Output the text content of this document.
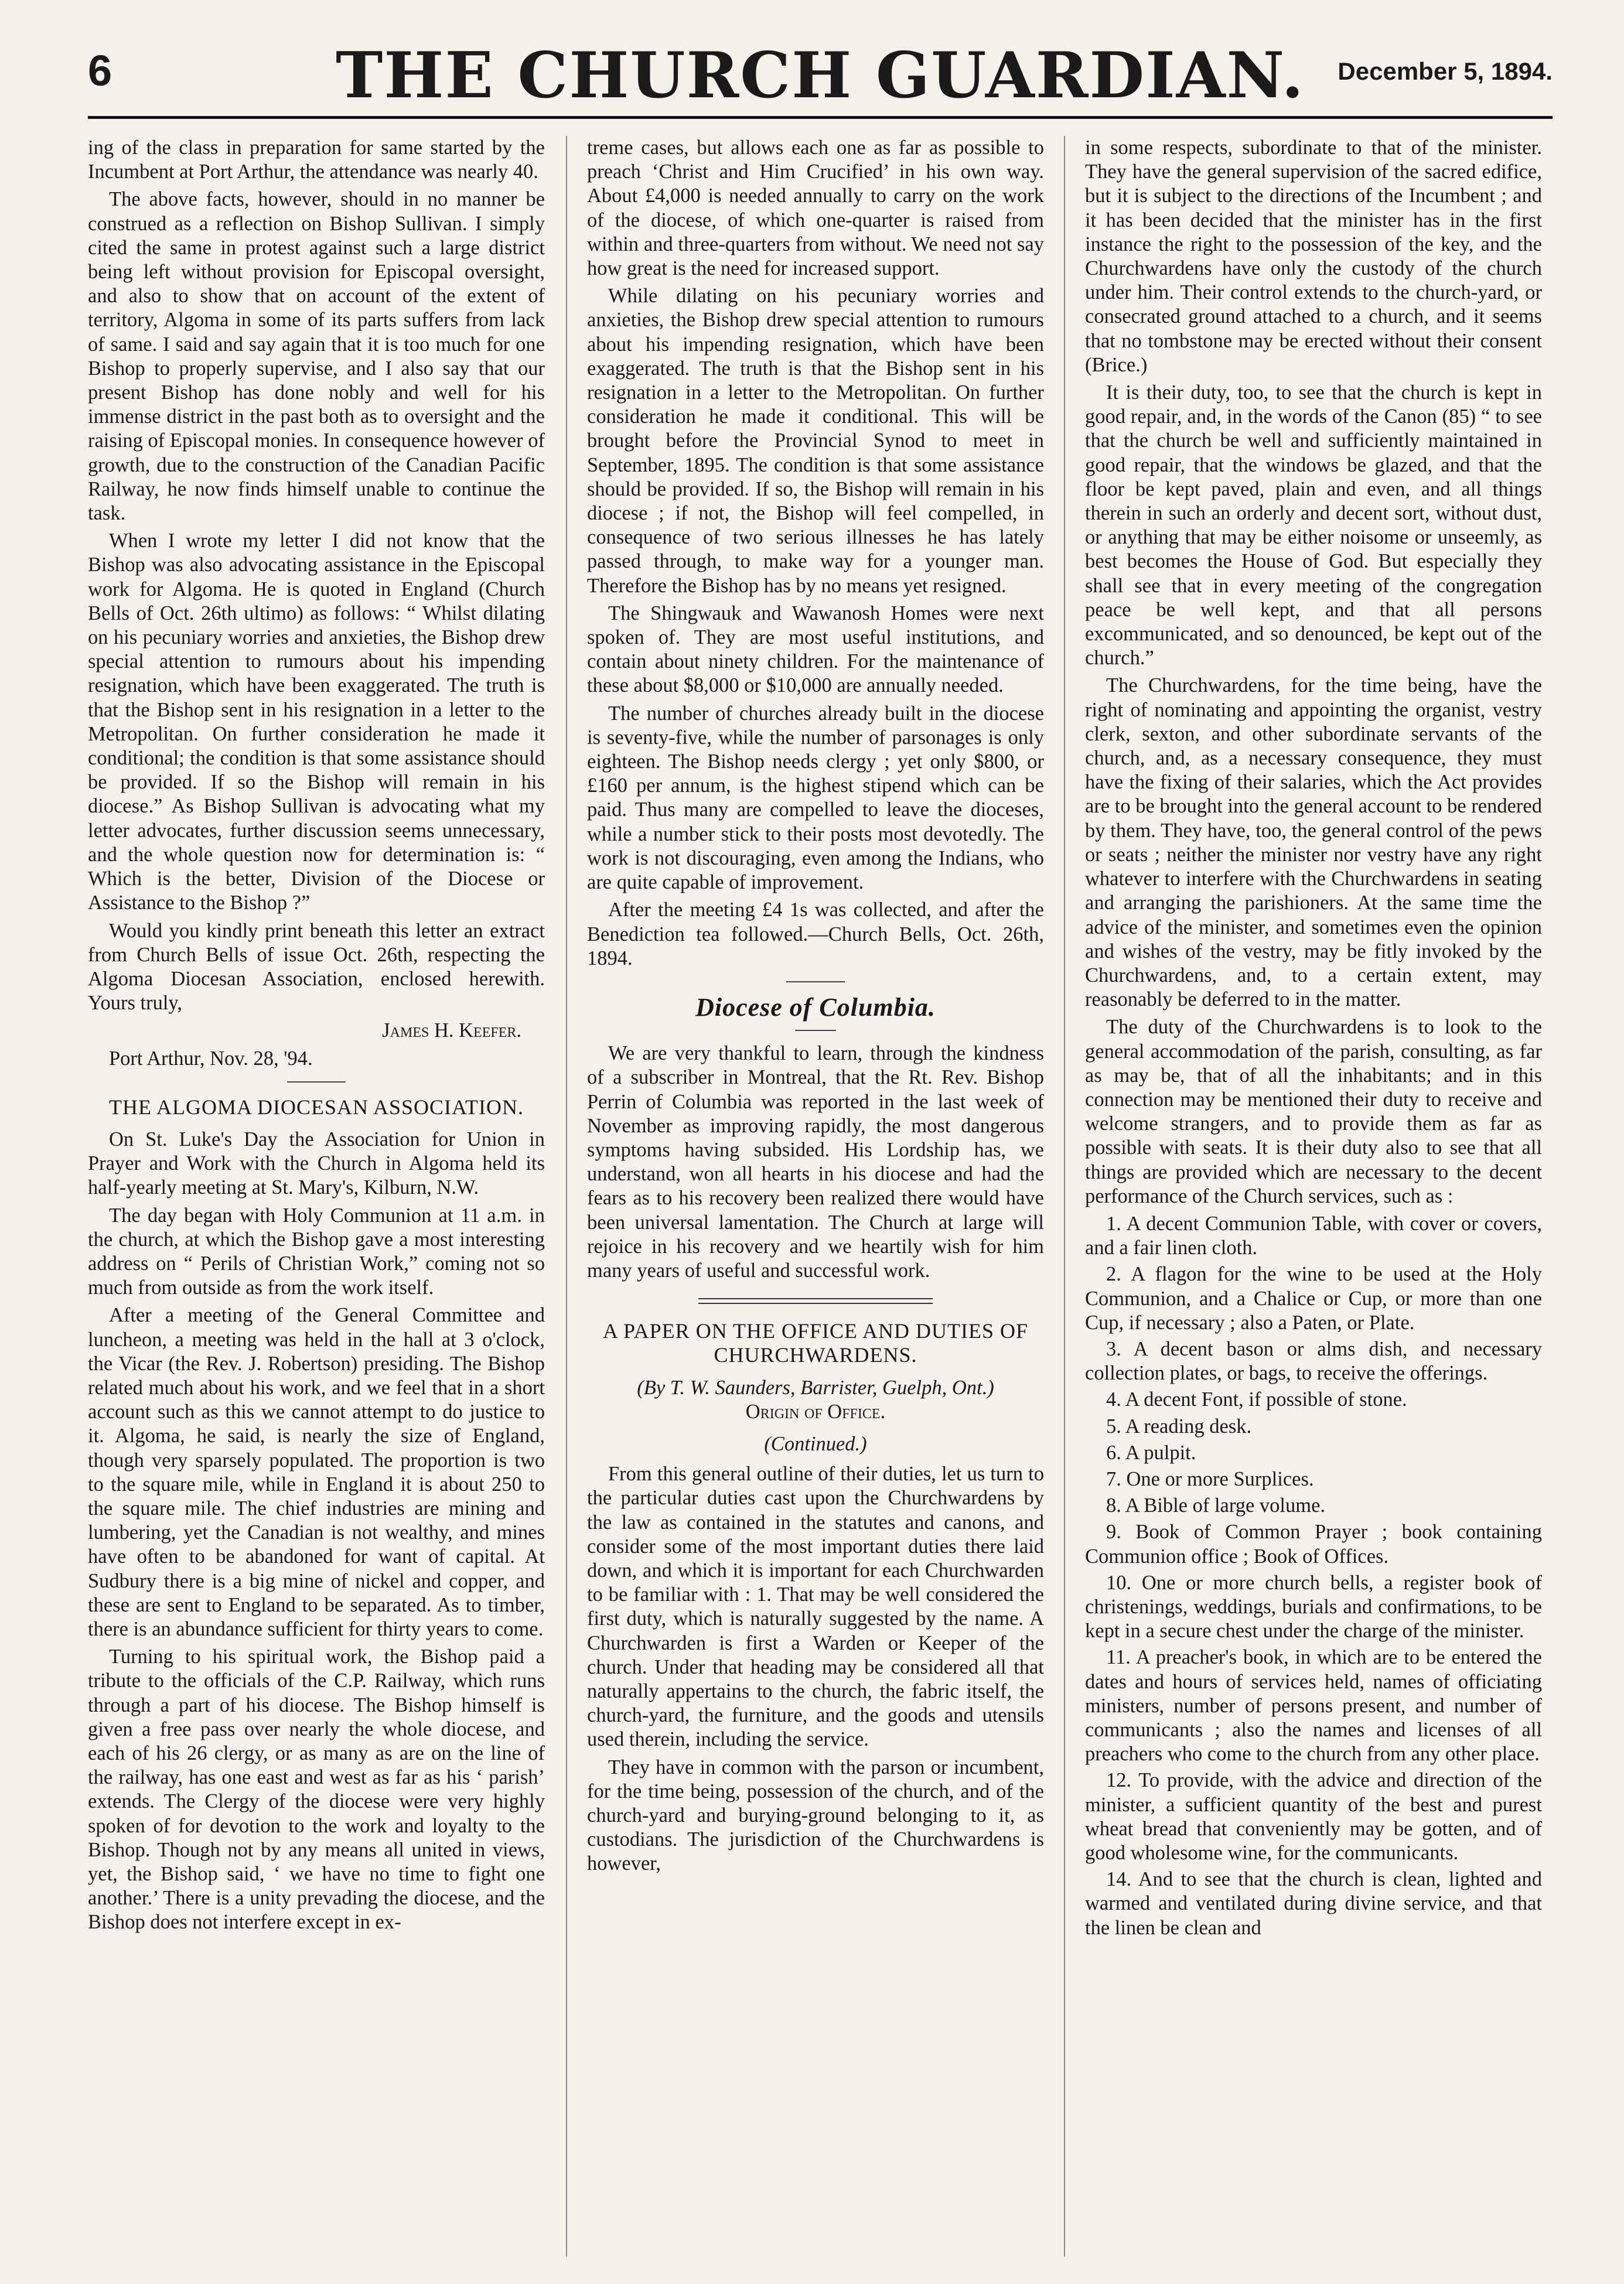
6	THE CHURCH GUARDIAN.	December 5, 1894.

ing of the class in preparation for same started by the Incumbent at Port Arthur, the attendance was nearly 40.

The above facts, however, should in no manner be construed as a reflection on Bishop Sullivan. I simply cited the same in protest against such a large district being left without provision for Episcopal oversight, and also to show that on account of the extent of territory, Algoma in some of its parts suffers from lack of same. I said and say again that it is too much for one Bishop to properly supervise, and I also say that our present Bishop has done nobly and well for his immense district in the past both as to oversight and the raising of Episcopal monies. In consequence however of growth, due to the construction of the Canadian Pacific Railway, he now finds himself unable to continue the task.

When I wrote my letter I did not know that the Bishop was also advocating assistance in the Episcopal work for Algoma. He is quoted in England (Church Bells of Oct. 26th ultimo) as follows: “ Whilst dilating on his pecuniary worries and anxieties, the Bishop drew special attention to rumours about his impending resignation, which have been exaggerated. The truth is that the Bishop sent in his resignation in a letter to the Metropolitan. On further consideration he made it conditional; the condition is that some assistance should be provided. If so the Bishop will remain in his diocese.” As Bishop Sullivan is advocating what my letter advocates, further discussion seems unnecessary, and the whole question now for determination is: “ Which is the better, Division of the Diocese or Assistance to the Bishop ?”

Would you kindly print beneath this letter an extract from Church Bells of issue Oct. 26th, respecting the Algoma Diocesan Association, enclosed herewith. Yours truly,

James H. Keefer.

Port Arthur, Nov. 28, '94.

THE ALGOMA DIOCESAN ASSOCIATION.

On St. Luke's Day the Association for Union in Prayer and Work with the Church in Algoma held its half-yearly meeting at St. Mary's, Kilburn, N.W.

The day began with Holy Communion at 11 a.m. in the church, at which the Bishop gave a most interesting address on “ Perils of Christian Work,” coming not so much from outside as from the work itself.

After a meeting of the General Committee and luncheon, a meeting was held in the hall at 3 o'clock, the Vicar (the Rev. J. Robertson) presiding. The Bishop related much about his work, and we feel that in a short account such as this we cannot attempt to do justice to it. Algoma, he said, is nearly the size of England, though very sparsely populated. The proportion is two to the square mile, while in England it is about 250 to the square mile. The chief industries are mining and lumbering, yet the Canadian is not wealthy, and mines have often to be abandoned for want of capital. At Sudbury there is a big mine of nickel and copper, and these are sent to England to be separated. As to timber, there is an abundance sufficient for thirty years to come.

Turning to his spiritual work, the Bishop paid a tribute to the officials of the C.P. Railway, which runs through a part of his diocese. The Bishop himself is given a free pass over nearly the whole diocese, and each of his 26 clergy, or as many as are on the line of the railway, has one east and west as far as his ‘ parish’ extends. The Clergy of the diocese were very highly spoken of for devotion to the work and loyalty to the Bishop. Though not by any means all united in views, yet, the Bishop said, ‘ we have no time to fight one another.’ There is a unity prevading the diocese, and the Bishop does not interfere except in ex-

treme cases, but allows each one as far as possible to preach ‘Christ and Him Crucified’ in his own way. About £4,000 is needed annually to carry on the work of the diocese, of which one-quarter is raised from within and three-quarters from without. We need not say how great is the need for increased support.

While dilating on his pecuniary worries and anxieties, the Bishop drew special attention to rumours about his impending resignation, which have been exaggerated. The truth is that the Bishop sent in his resignation in a letter to the Metropolitan. On further consideration he made it conditional. This will be brought before the Provincial Synod to meet in September, 1895. The condition is that some assistance should be provided. If so, the Bishop will remain in his diocese ; if not, the Bishop will feel compelled, in consequence of two serious illnesses he has lately passed through, to make way for a younger man. Therefore the Bishop has by no means yet resigned.

The Shingwauk and Wawanosh Homes were next spoken of. They are most useful institutions, and contain about ninety children. For the maintenance of these about $8,000 or $10,000 are annually needed.

The number of churches already built in the diocese is seventy-five, while the number of parsonages is only eighteen. The Bishop needs clergy ; yet only $800, or £160 per annum, is the highest stipend which can be paid. Thus many are compelled to leave the dioceses, while a number stick to their posts most devotedly. The work is not discouraging, even among the Indians, who are quite capable of improvement.

After the meeting £4 1s was collected, and after the Benediction tea followed.—Church Bells, Oct. 26th, 1894.

Diocese of Columbia.

We are very thankful to learn, through the kindness of a subscriber in Montreal, that the Rt. Rev. Bishop Perrin of Columbia was reported in the last week of November as improving rapidly, the most dangerous symptoms having subsided. His Lordship has, we understand, won all hearts in his diocese and had the fears as to his recovery been realized there would have been universal lamentation. The Church at large will rejoice in his recovery and we heartily wish for him many years of useful and successful work.

A PAPER ON THE OFFICE AND DUTIES OF CHURCHWARDENS.
(By T. W. Saunders, Barrister, Guelph, Ont.)
Origin of Office.
(Continued.)

From this general outline of their duties, let us turn to the particular duties cast upon the Churchwardens by the law as contained in the statutes and canons, and consider some of the most important duties there laid down, and which it is important for each Churchwarden to be familiar with : 1. That may be well considered the first duty, which is naturally suggested by the name. A Churchwarden is first a Warden or Keeper of the church. Under that heading may be considered all that naturally appertains to the church, the fabric itself, the church-yard, the furniture, and the goods and utensils used therein, including the service.

They have in common with the parson or incumbent, for the time being, possession of the church, and of the church-yard and burying-ground belonging to it, as custodians. The jurisdiction of the Churchwardens is however,

in some respects, subordinate to that of the minister. They have the general supervision of the sacred edifice, but it is subject to the directions of the Incumbent ; and it has been decided that the minister has in the first instance the right to the possession of the key, and the Churchwardens have only the custody of the church under him. Their control extends to the church-yard, or consecrated ground attached to a church, and it seems that no tombstone may be erected without their consent (Brice.)

It is their duty, too, to see that the church is kept in good repair, and, in the words of the Canon (85) “ to see that the church be well and sufficiently maintained in good repair, that the windows be glazed, and that the floor be kept paved, plain and even, and all things therein in such an orderly and decent sort, without dust, or anything that may be either noisome or unseemly, as best becomes the House of God. But especially they shall see that in every meeting of the congregation peace be well kept, and that all persons excommunicated, and so denounced, be kept out of the church.”

The Churchwardens, for the time being, have the right of nominating and appointing the organist, vestry clerk, sexton, and other subordinate servants of the church, and, as a necessary consequence, they must have the fixing of their salaries, which the Act provides are to be brought into the general account to be rendered by them. They have, too, the general control of the pews or seats ; neither the minister nor vestry have any right whatever to interfere with the Churchwardens in seating and arranging the parishioners. At the same time the advice of the minister, and sometimes even the opinion and wishes of the vestry, may be fitly invoked by the Churchwardens, and, to a certain extent, may reasonably be deferred to in the matter.

The duty of the Churchwardens is to look to the general accommodation of the parish, consulting, as far as may be, that of all the inhabitants; and in this connection may be mentioned their duty to receive and welcome strangers, and to provide them as far as possible with seats. It is their duty also to see that all things are provided which are necessary to the decent performance of the Church services, such as :

1. A decent Communion Table, with cover or covers, and a fair linen cloth.

2. A flagon for the wine to be used at the Holy Communion, and a Chalice or Cup, or more than one Cup, if necessary ; also a Paten, or Plate.

3. A decent bason or alms dish, and necessary collection plates, or bags, to receive the offerings.

4. A decent Font, if possible of stone.

5. A reading desk.

6. A pulpit.

7. One or more Surplices.

8. A Bible of large volume.

9. Book of Common Prayer ; book containing Communion office ; Book of Offices.

10. One or more church bells, a register book of christenings, weddings, burials and confirmations, to be kept in a secure chest under the charge of the minister.

11. A preacher's book, in which are to be entered the dates and hours of services held, names of officiating ministers, number of persons present, and number of communicants ; also the names and licenses of all preachers who come to the church from any other place.

12. To provide, with the advice and direction of the minister, a sufficient quantity of the best and purest wheat bread that conveniently may be gotten, and of good wholesome wine, for the communicants.

14. And to see that the church is clean, lighted and warmed and ventilated during divine service, and that the linen be clean and
